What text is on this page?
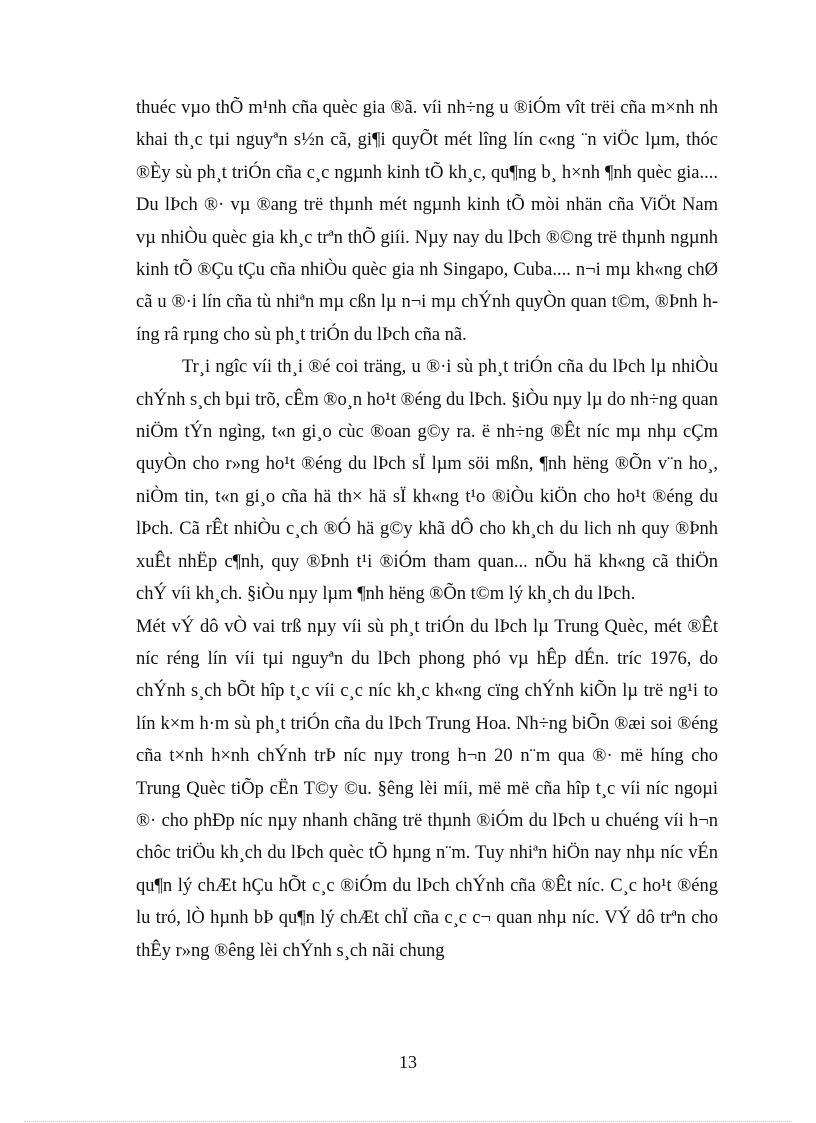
thuéc vµo thÕ m¹nh cña quèc gia ®ã. víi nh÷ng u ®iÓm vît trëi cña m×nh nh khai th¸c tµi nguyªn s½n cã, gi¶i quyÕt mét lîng lín c«ng ¨n viÖc lµm, thóc ®Èy sù ph¸t triÓn cña c¸c ngµnh kinh tÕ kh¸c, qu¶ng b¸ h×nh ¶nh quèc gia.... Du lÞch ®· vµ ®ang trë thµnh mét ngµnh kinh tÕ mòi nhän cña ViÖt Nam vµ nhiÒu quèc gia kh¸c trªn thÕ giíi. Nµy nay du lÞch ®©ng trë thµnh ngµnh kinh tÕ ®Çu tÇu cña nhiÒu quèc gia nh Singapo, Cuba.... n¬i mµ kh«ng chØ cã u ®·i lín cña tù nhiªn mµ cßn lµ n¬i mµ chÝnh quyÒn quan t©m, ®Þnh híng râ rµng cho sù ph¸t triÓn du lÞch cña nã.

Tr¸i ngîc víi th¸i ®é coi träng, u ®·i sù ph¸t triÓn cña du lÞch lµ nhiÒu chÝnh s¸ch bµi trõ, cÊm ®o¸n ho¹t ®éng du lÞch. §iÒu nµy lµ do nh÷ng quan niÖm tÝn ngìng, t«n gi¸o cùc ®oan g©y ra. ë nh÷ng ®Êt níc mµ nhµ cÇm quyÒn cho r»ng ho¹t ®éng du lÞch sÏ lµm söi mßn, ¶nh hëng ®Õn v¨n ho¸, niÒm tin, t«n gi¸o cña hä th× hä sÏ kh«ng t¹o ®iÒu kiÖn cho ho¹t ®éng du lÞch. Cã rÊt nhiÒu c¸ch ®Ó hä g©y khã dÔ cho kh¸ch du lich nh quy ®Þnh xuÊt nhËp c¶nh, quy ®Þnh t¹i ®iÓm tham quan... nÕu hä kh«ng cã thiÖn chÝ víi kh¸ch. §iÒu nµy lµm ¶nh hëng ®Õn t©m lý kh¸ch du lÞch.

Mét vÝ dô vÒ vai trß nµy víi sù ph¸t triÓn du lÞch lµ Trung Quèc, mét ®Êt níc réng lín víi tµi nguyªn du lÞch phong phó vµ hÊp dÉn. tríc 1976, do chÝnh s¸ch bÕt hîp t¸c víi c¸c níc kh¸c kh«ng cïng chÝnh kiÕn lµ trë ng¹i to lín k×m h·m sù ph¸t triÓn cña du lÞch Trung Hoa. Nh÷ng biÕn ®æi soi ®éng cña t×nh h×nh chÝnh trÞ níc nµy trong h¬n 20 n¨m qua ®· më híng cho Trung Quèc tiÕp cËn T©y ©u. §êng lèi míi, më më cña hîp t¸c víi níc ngoµi ®· cho phÐp níc nµy nhanh chãng trë thµnh ®iÓm du lÞch u chuéng víi h¬n chôc triÖu kh¸ch du lÞch quèc tÕ hµng n¨m. Tuy nhiªn hiÖn nay nhµ níc vÉn qu¶n lý chÆt hÇu hÕt c¸c ®iÓm du lÞch chÝnh cña ®Êt níc. C¸c ho¹t ®éng lu tró, lÒ hµnh bÞ qu¶n lý chÆt chÏ cña c¸c c¬ quan nhµ níc. VÝ dô trªn cho thÊy r»ng ®êng lèi chÝnh s¸ch nãi chung

13
